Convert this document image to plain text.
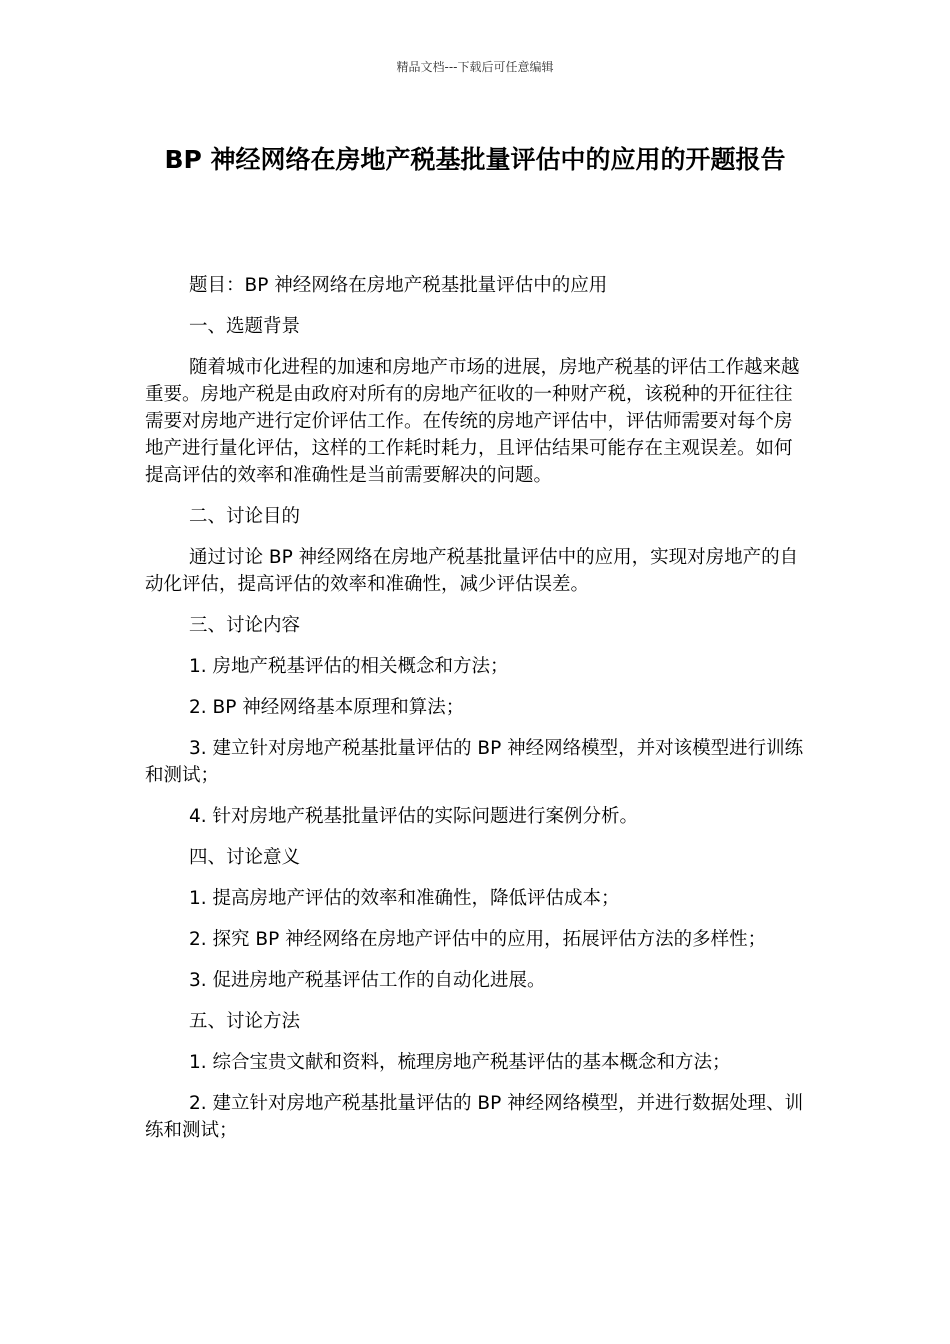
精品文档---下载后可任意编辑
BP 神经网络在房地产税基批量评估中的应用的开题报告

题目：BP 神经网络在房地产税基批量评估中的应用

一、选题背景

随着城市化进程的加速和房地产市场的进展，房地产税基的评估工作越来越重要。房地产税是由政府对所有的房地产征收的一种财产税，该税种的开征往往需要对房地产进行定价评估工作。在传统的房地产评估中，评估师需要对每个房地产进行量化评估，这样的工作耗时耗力，且评估结果可能存在主观误差。如何提高评估的效率和准确性是当前需要解决的问题。

二、讨论目的

通过讨论 BP 神经网络在房地产税基批量评估中的应用，实现对房地产的自动化评估，提高评估的效率和准确性，减少评估误差。

三、讨论内容

1. 房地产税基评估的相关概念和方法；

2. BP 神经网络基本原理和算法；

3. 建立针对房地产税基批量评估的 BP 神经网络模型，并对该模型进行训练和测试；

4. 针对房地产税基批量评估的实际问题进行案例分析。

四、讨论意义

1. 提高房地产评估的效率和准确性，降低评估成本；

2. 探究 BP 神经网络在房地产评估中的应用，拓展评估方法的多样性；

3. 促进房地产税基评估工作的自动化进展。

五、讨论方法

1. 综合宝贵文献和资料，梳理房地产税基评估的基本概念和方法；

2. 建立针对房地产税基批量评估的 BP 神经网络模型，并进行数据处理、训练和测试；
